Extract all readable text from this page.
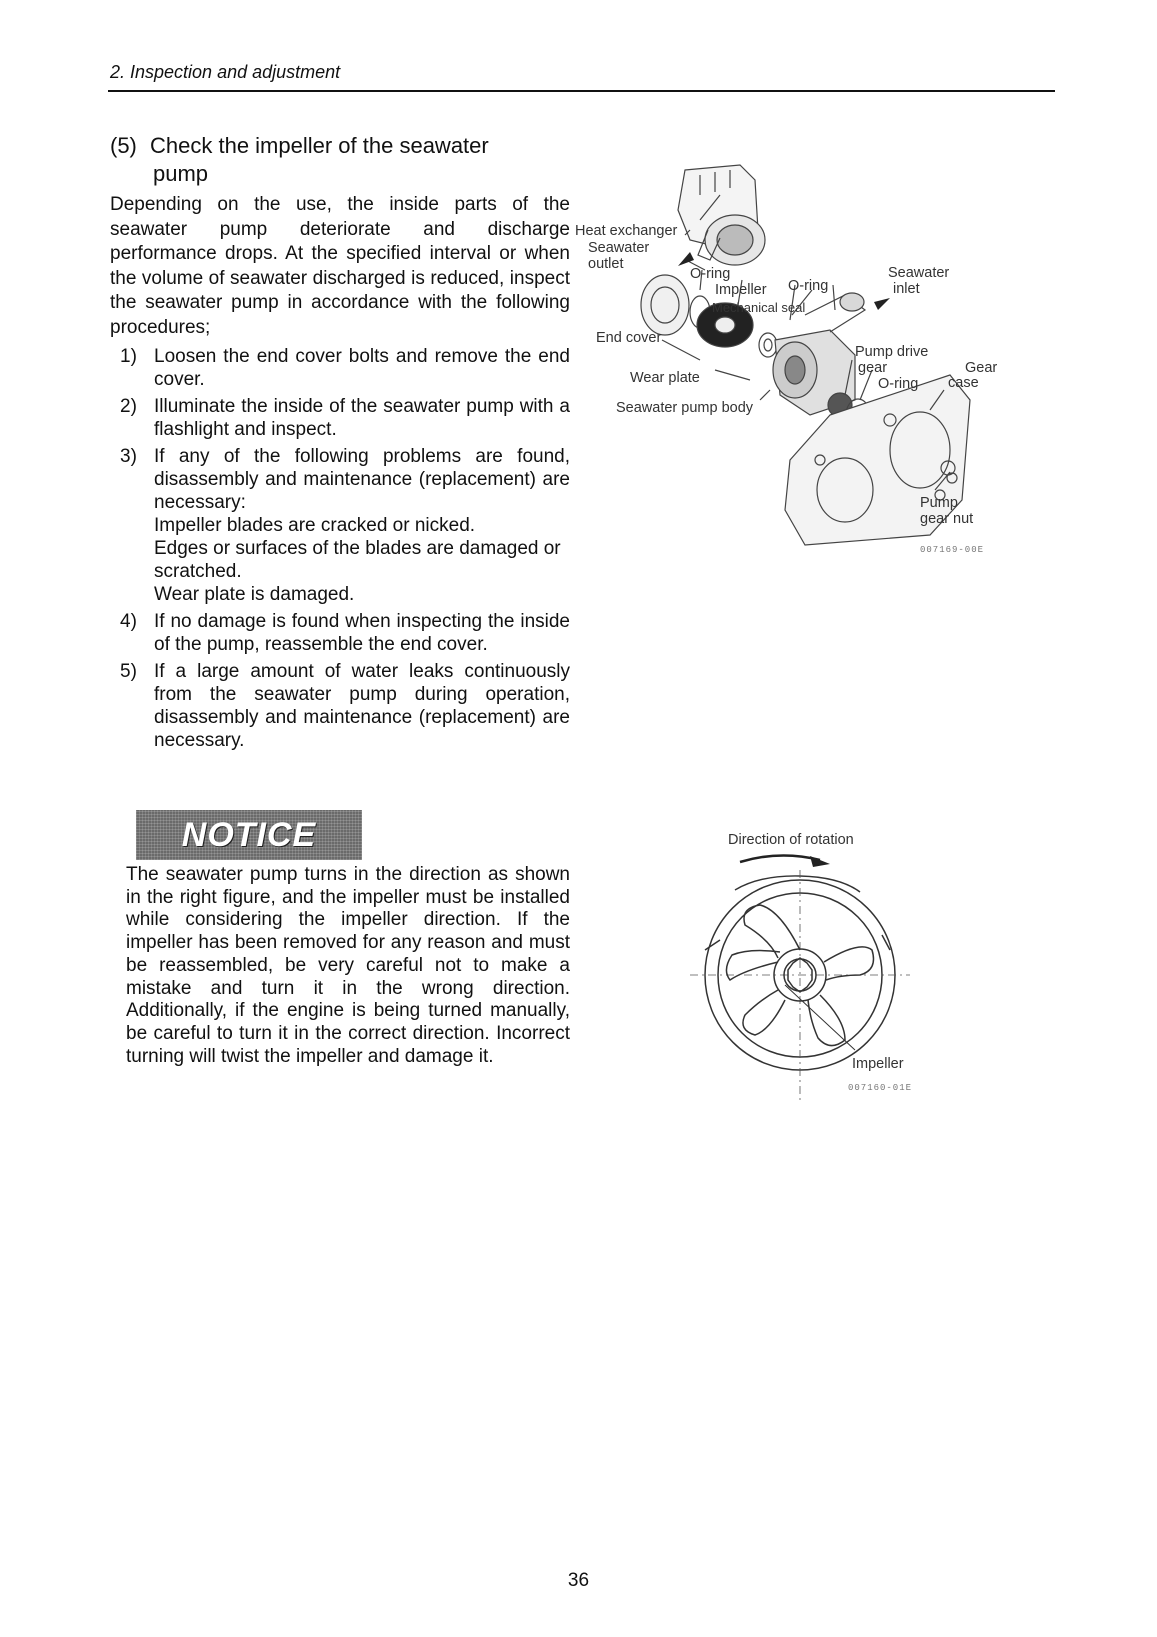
2. Inspection and adjustment
(5) Check the impeller of the seawater
pump
Depending on the use, the inside parts of the seawater pump deteriorate and discharge performance drops. At the specified interval or when the volume of seawater discharged is reduced, inspect the seawater pump in accordance with the following procedures;
1) Loosen the end cover bolts and remove the end cover.
2) Illuminate the inside of the seawater pump with a flashlight and inspect.
3) If any of the following problems are found, disassembly and maintenance (replacement) are necessary:
Impeller blades are cracked or nicked.
Edges or surfaces of the blades are damaged or scratched.
Wear plate is damaged.
4) If no damage is found when inspecting the inside of the pump, reassemble the end cover.
5) If a large amount of water leaks continuously from the seawater pump during operation, disassembly and maintenance (replacement) are necessary.
NOTICE
The seawater pump turns in the direction as shown in the right figure, and the impeller must be installed while considering the impeller direction. If the impeller has been removed for any reason and must be reassembled, be very careful not to make a mistake and turn it in the wrong direction. Additionally, if the engine is being turned manually, be careful to turn it in the correct direction. Incorrect turning will twist the impeller and damage it.
Heat exchanger
Seawater
outlet
O-ring
Impeller O-ring
Mechanical seal
Seawater
inlet
End cover
Wear plate
Seawater pump body
Pump drive
gear
O-ring
Gear
case
Pump
gear nut
007169-00E
Direction of rotation
Impeller
007160-01E
36
